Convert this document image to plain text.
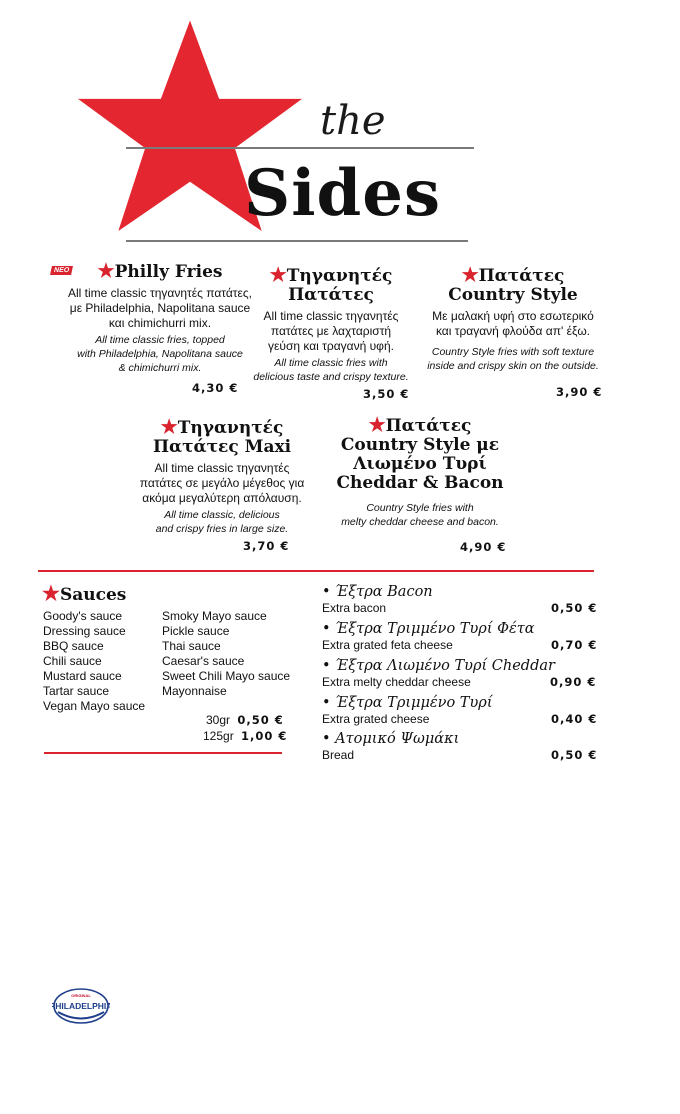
the
Sides
NEO	★Philly Fries
All time classic τηγανητές πατάτες,
με Philadelphia, Napolitana sauce
και chimichurri mix.
All time classic fries, topped
with Philadelphia, Napolitana sauce
& chimichurri mix.
4,30 €
★Τηγανητές
Πατάτες
All time classic τηγανητές
πατάτες με λαχταριστή
γεύση και τραγανή υφή.
All time classic fries with
delicious taste and crispy texture.
3,50 €
★Πατάτες
Country Style
Με μαλακή υφή στο εσωτερικό
και τραγανή φλούδα απ' έξω.
Country Style fries with soft texture
inside and crispy skin on the outside.
3,90 €
★Τηγανητές
Πατάτες Maxi
All time classic τηγανητές
πατάτες σε μεγάλο μέγεθος για
ακόμα μεγαλύτερη απόλαυση.
All time classic, delicious
and crispy fries in large size.
3,70 €
★Πατάτες
Country Style με
Λιωμένο Τυρί
Cheddar & Bacon
Country Style fries with
melty cheddar cheese and bacon.
4,90 €
★Sauces
Goody's sauce
Dressing sauce
BBQ sauce
Chili sauce
Mustard sauce
Tartar sauce
Vegan Mayo sauce
Smoky Mayo sauce
Pickle sauce
Thai sauce
Caesar's sauce
Sweet Chili Mayo sauce
Mayonnaise
30gr 0,50 €
125gr 1,00 €
• Έξτρα Bacon
Extra bacon	0,50 €
• Έξτρα Τριμμένο Τυρί Φέτα
Extra grated feta cheese	0,70 €
• Έξτρα Λιωμένο Τυρί Cheddar
Extra melty cheddar cheese	0,90 €
• Έξτρα Τριμμένο Τυρί
Extra grated cheese	0,40 €
• Ατομικό Ψωμάκι
Bread	0,50 €
ORIGINAL
PHILADELPHIA
